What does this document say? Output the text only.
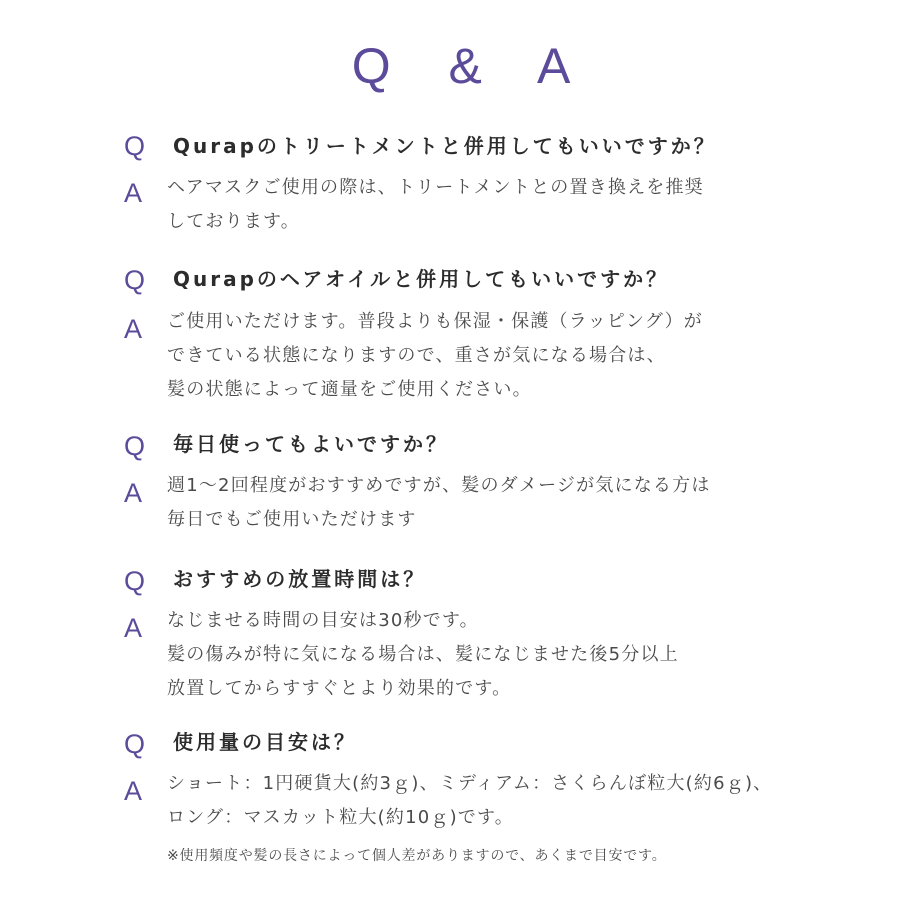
Q & A
Q Qurapのトリートメントと併用してもいいですか？
A ヘアマスクご使用の際は、トリートメントとの置き換えを推奨
しております。
Q Qurapのヘアオイルと併用してもいいですか？
A ご使用いただけます。普段よりも保湿・保護（ラッピング）が
できている状態になりますので、重さが気になる場合は、
髪の状態によって適量をご使用ください。
Q 毎日使ってもよいですか？
A 週1〜2回程度がおすすめですが、髪のダメージが気になる方は
毎日でもご使用いただけます
Q おすすめの放置時間は？
A なじませる時間の目安は30秒です。
髪の傷みが特に気になる場合は、髪になじませた後5分以上
放置してからすすぐとより効果的です。
Q 使用量の目安は？
A ショート：1円硬貨大(約3ｇ)、ミディアム：さくらんぼ粒大(約6ｇ)、
ロング：マスカット粒大(約10ｇ)です。
※使用頻度や髪の長さによって個人差がありますので、あくまで目安です。
